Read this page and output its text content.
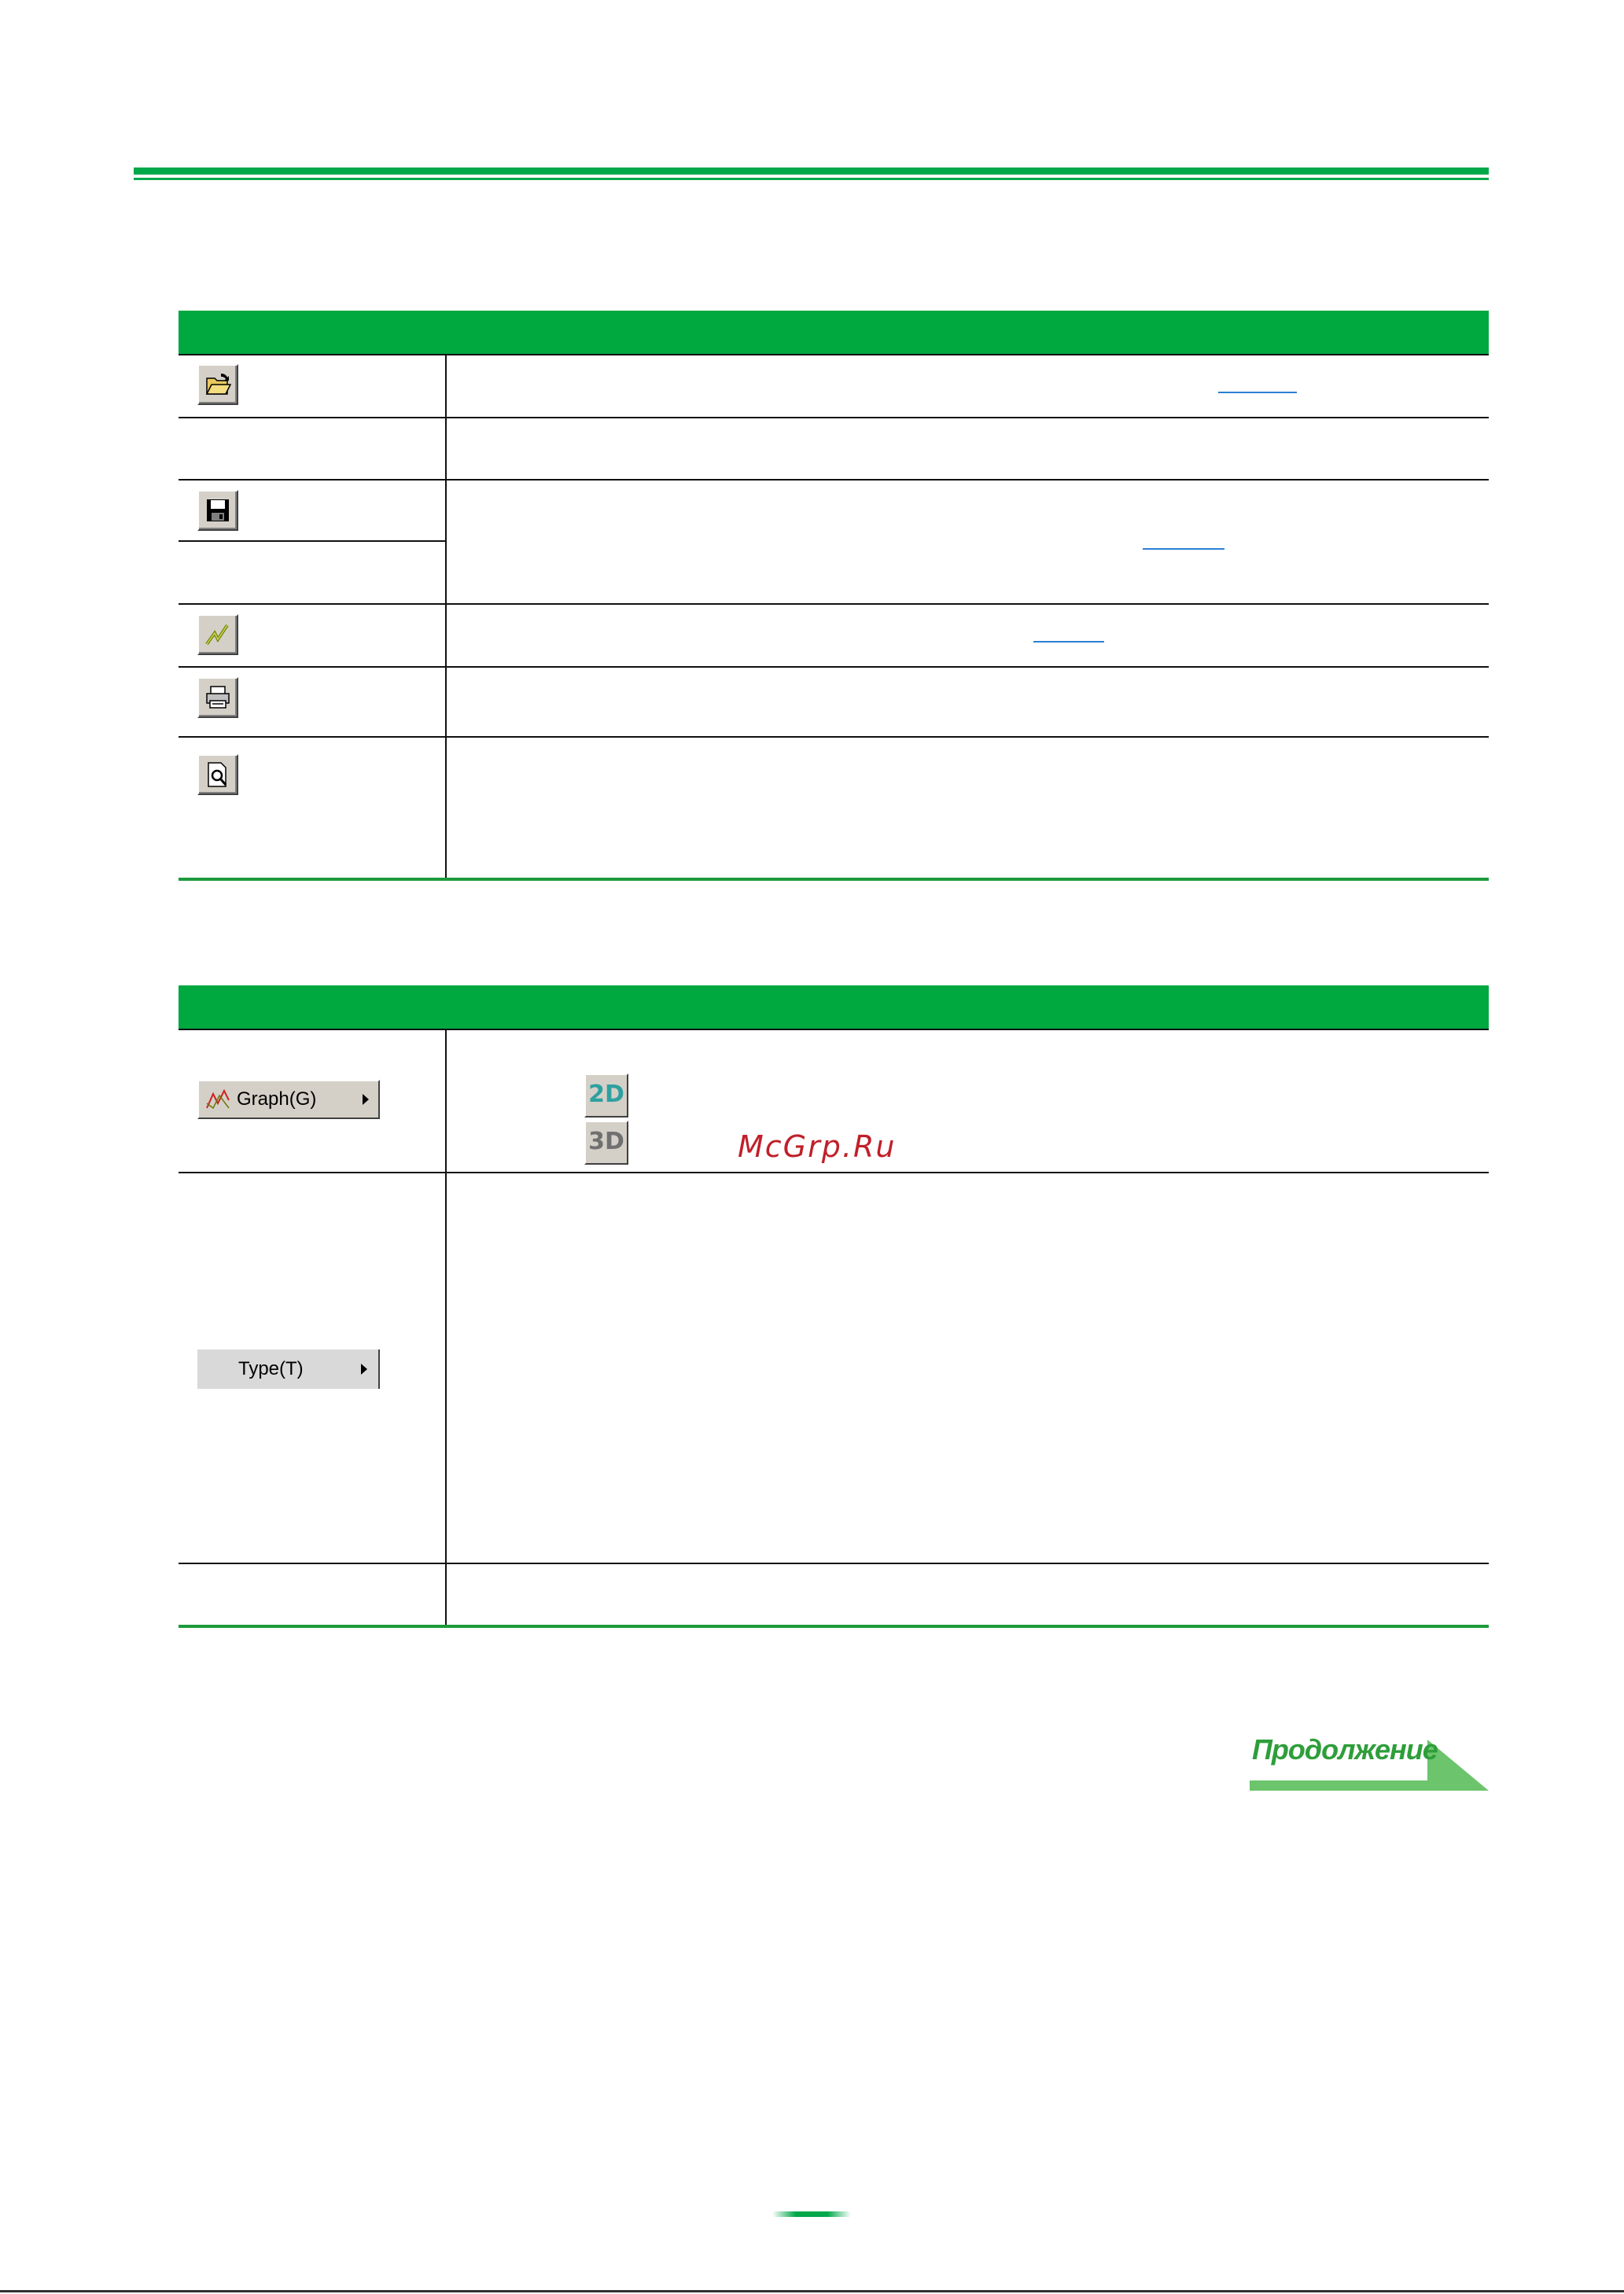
Graph(G)	2D
3D
Type(T)
McGrp.Ru
Продолжение
